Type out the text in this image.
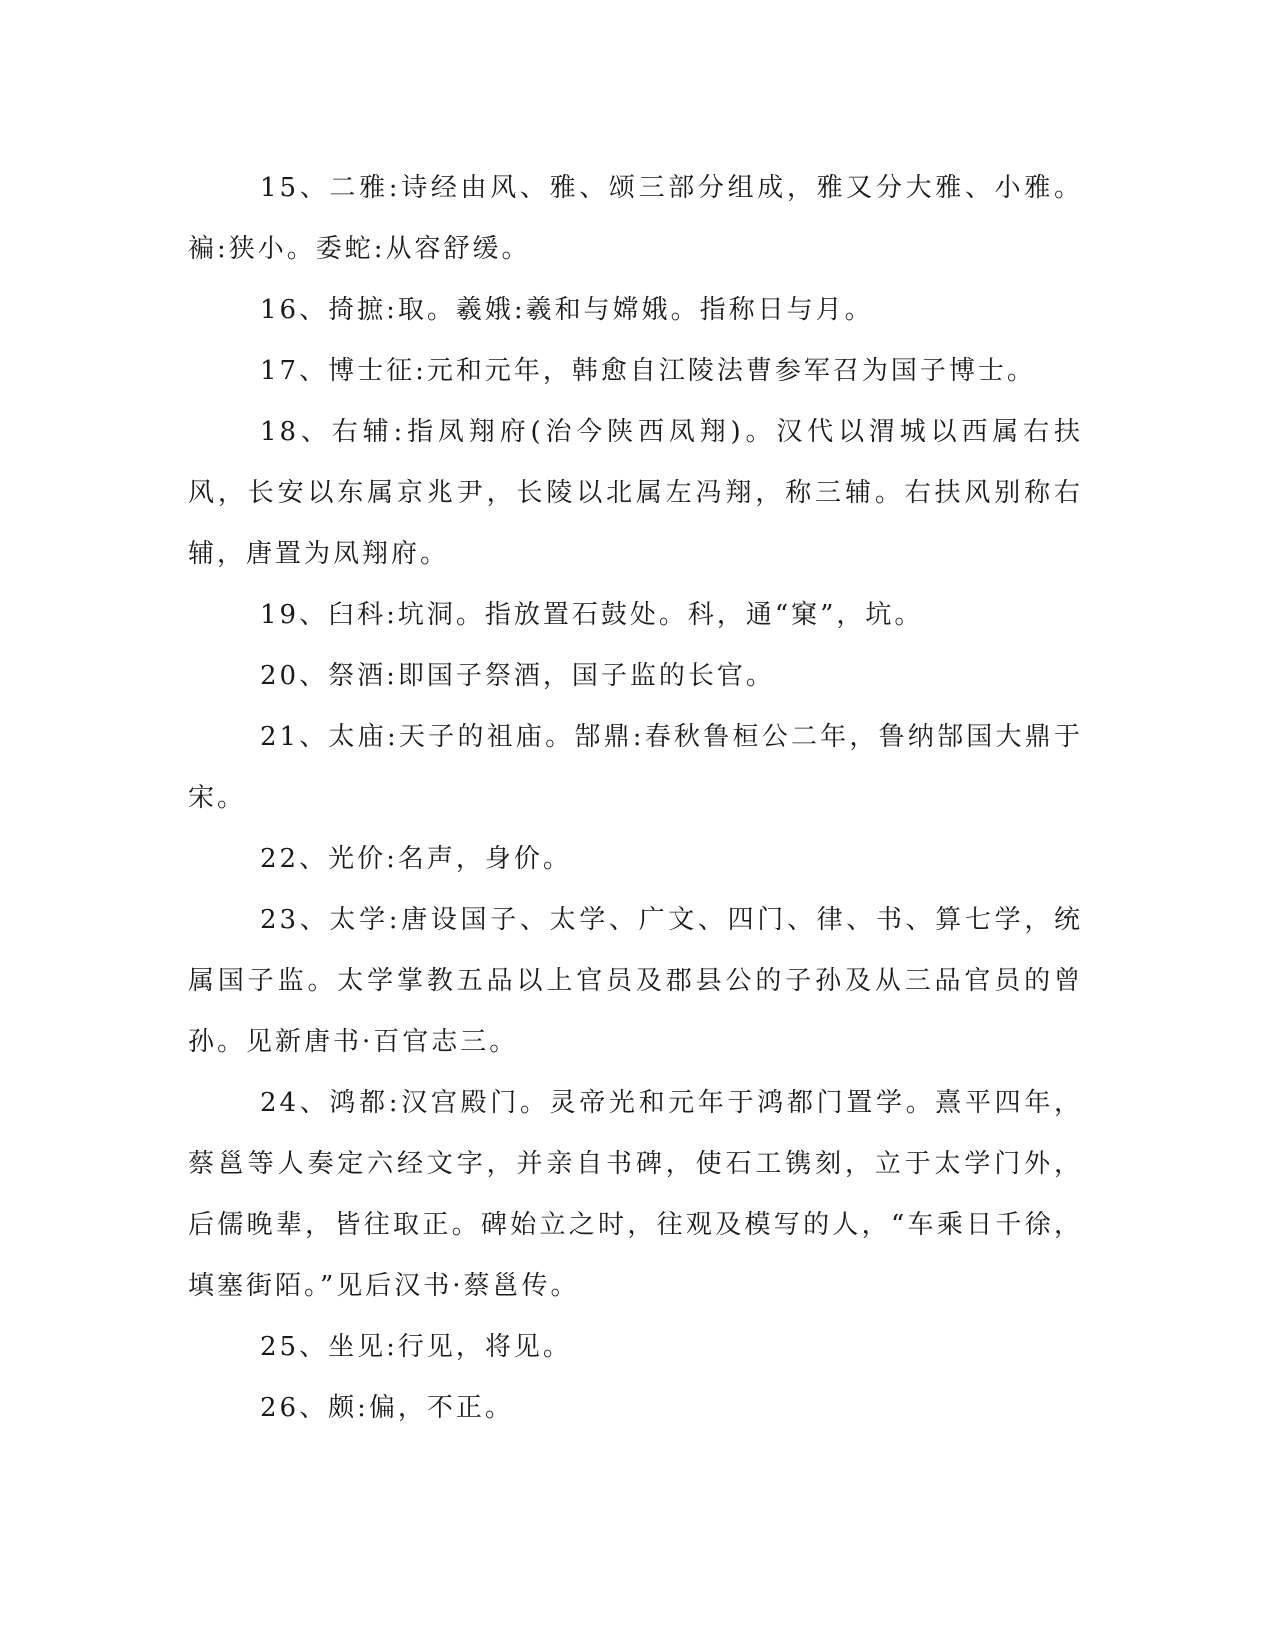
15、二雅:诗经由风、雅、颂三部分组成，雅又分大雅、小雅。褊:狭小。委蛇:从容舒缓。

16、掎摭:取。羲娥:羲和与嫦娥。指称日与月。

17、博士征:元和元年，韩愈自江陵法曹参军召为国子博士。

18、右辅:指凤翔府(治今陕西凤翔)。汉代以渭城以西属右扶风，长安以东属京兆尹，长陵以北属左冯翔，称三辅。右扶风别称右辅，唐置为凤翔府。

19、臼科:坑洞。指放置石鼓处。科，通“窠”，坑。

20、祭酒:即国子祭酒，国子监的长官。

21、太庙:天子的祖庙。郜鼎:春秋鲁桓公二年，鲁纳郜国大鼎于宋。

22、光价:名声，身价。

23、太学:唐设国子、太学、广文、四门、律、书、算七学，统属国子监。太学掌教五品以上官员及郡县公的子孙及从三品官员的曾孙。见新唐书·百官志三。

24、鸿都:汉宫殿门。灵帝光和元年于鸿都门置学。熹平四年，蔡邕等人奏定六经文字，并亲自书碑，使石工镌刻，立于太学门外，后儒晚辈，皆往取正。碑始立之时，往观及模写的人，“车乘日千徐，填塞街陌。”见后汉书·蔡邕传。

25、坐见:行见，将见。

26、颇:偏，不正。
